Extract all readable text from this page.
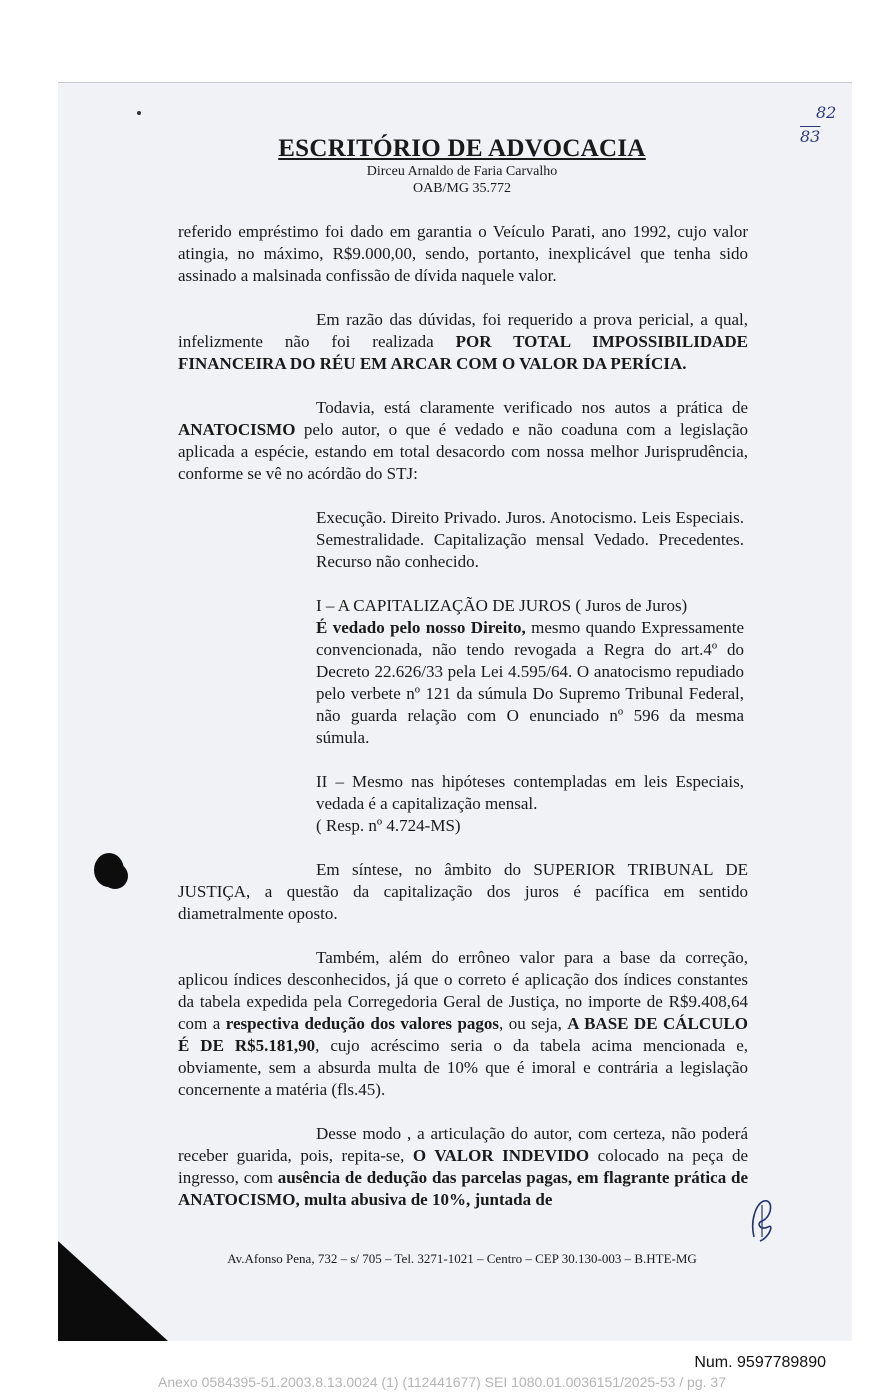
ESCRITÓRIO DE ADVOCACIA
Dirceu Arnaldo de Faria Carvalho
OAB/MG 35.772
82
83

referido empréstimo foi dado em garantia o Veículo Parati, ano 1992, cujo valor atingia, no máximo, R$9.000,00, sendo, portanto, inexplicável que tenha sido assinado a malsinada confissão de dívida naquele valor.

Em razão das dúvidas, foi requerido a prova pericial, a qual, infelizmente não foi realizada POR TOTAL IMPOSSIBILIDADE FINANCEIRA DO RÉU EM ARCAR COM O VALOR DA PERÍCIA.

Todavia, está claramente verificado nos autos a prática de ANATOCISMO pelo autor, o que é vedado e não coaduna com a legislação aplicada a espécie, estando em total desacordo com nossa melhor Jurisprudência, conforme se vê no acórdão do STJ:

Execução. Direito Privado. Juros. Anotocismo. Leis Especiais. Semestralidade. Capitalização mensal Vedado. Precedentes. Recurso não conhecido.

I – A CAPITALIZAÇÃO DE JUROS ( Juros de Juros)

É vedado pelo nosso Direito, mesmo quando Expressamente convencionada, não tendo revogada a Regra do art.4º do Decreto 22.626/33 pela Lei 4.595/64. O anatocismo repudiado pelo verbete nº 121 da súmula Do Supremo Tribunal Federal, não guarda relação com O enunciado nº 596 da mesma súmula.

II – Mesmo nas hipóteses contempladas em leis Especiais, vedada é a capitalização mensal.

( Resp. nº 4.724-MS)

Em síntese, no âmbito do SUPERIOR TRIBUNAL DE JUSTIÇA, a questão da capitalização dos juros é pacífica em sentido diametralmente oposto.

Também, além do errôneo valor para a base da correção, aplicou índices desconhecidos, já que o correto é aplicação dos índices constantes da tabela expedida pela Corregedoria Geral de Justiça, no importe de R$9.408,64 com a respectiva dedução dos valores pagos, ou seja, A BASE DE CÁLCULO É DE R$5.181,90, cujo acréscimo seria o da tabela acima mencionada e, obviamente, sem a absurda multa de 10% que é imoral e contrária a legislação concernente a matéria (fls.45).

Desse modo , a articulação do autor, com certeza, não poderá receber guarida, pois, repita-se, O VALOR INDEVIDO colocado na peça de ingresso, com ausência de dedução das parcelas pagas, em flagrante prática de ANATOCISMO, multa abusiva de 10%, juntada de

Av.Afonso Pena, 732 – s/ 705 – Tel. 3271-1021 – Centro – CEP 30.130-003 – B.HTE-MG
Num. 9597789890
Anexo 0584395-51.2003.8.13.0024 (1) (112441677) SEI 1080.01.0036151/2025-53 / pg. 37
